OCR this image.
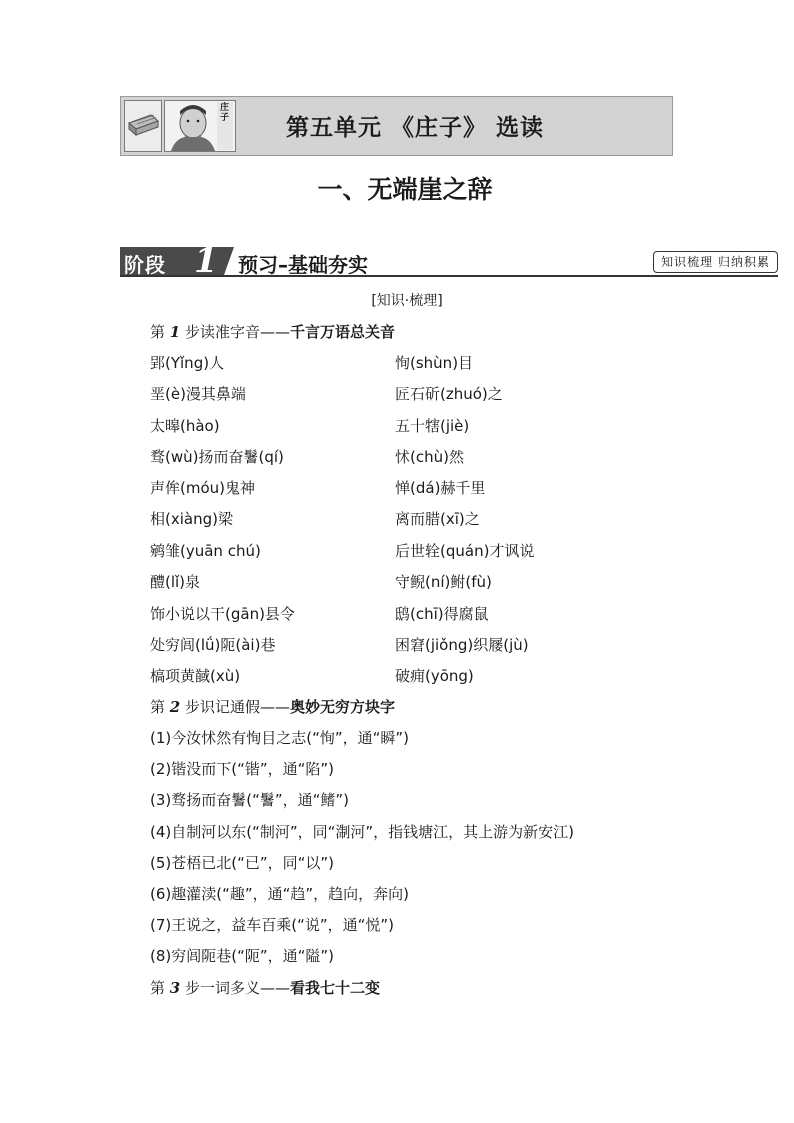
庄子 第五单元 《庄子》 选读
一、无端崖之辞
阶段 1 预习–基础夯实	知识梳理 归纳积累
[知识·梳理]
第 1 步读准字音——千言万语总关音
郢(Yǐng)人	恂(shùn)目
垩(è)漫其鼻端	匠石斫(zhuó)之
太暤(hào)	五十犗(jiè)
骛(wù)扬而奋鬐(qí)	怵(chù)然
声侔(móu)鬼神	惮(dá)赫千里
相(xiàng)梁	离而腊(xī)之
鹓雏(yuān chú)	后世辁(quán)才讽说
醴(lǐ)泉	守鲵(ní)鲋(fù)
饰小说以干(gān)县令	鸱(chī)得腐鼠
处穷闾(lǘ)阨(ài)巷	困窘(jiǒng)织屦(jù)
槁项黄馘(xù)	破痈(yōng)
第 2 步识记通假——奥妙无穷方块字
(1)今汝怵然有恂目之志(“恂”，通“瞬”)
(2)锴没而下(“锴”，通“陷”)
(3)骛扬而奋鬐(“鬐”，通“鳍”)
(4)自制河以东(“制河”，同“淛河”，指钱塘江，其上游为新安江)
(5)苍梧已北(“已”，同“以”)
(6)趣灌渎(“趣”，通“趋”，趋向，奔向)
(7)王说之，益车百乘(“说”，通“悦”)
(8)穷闾阨巷(“阨”，通“隘”)
第 3 步一词多义——看我七十二变
